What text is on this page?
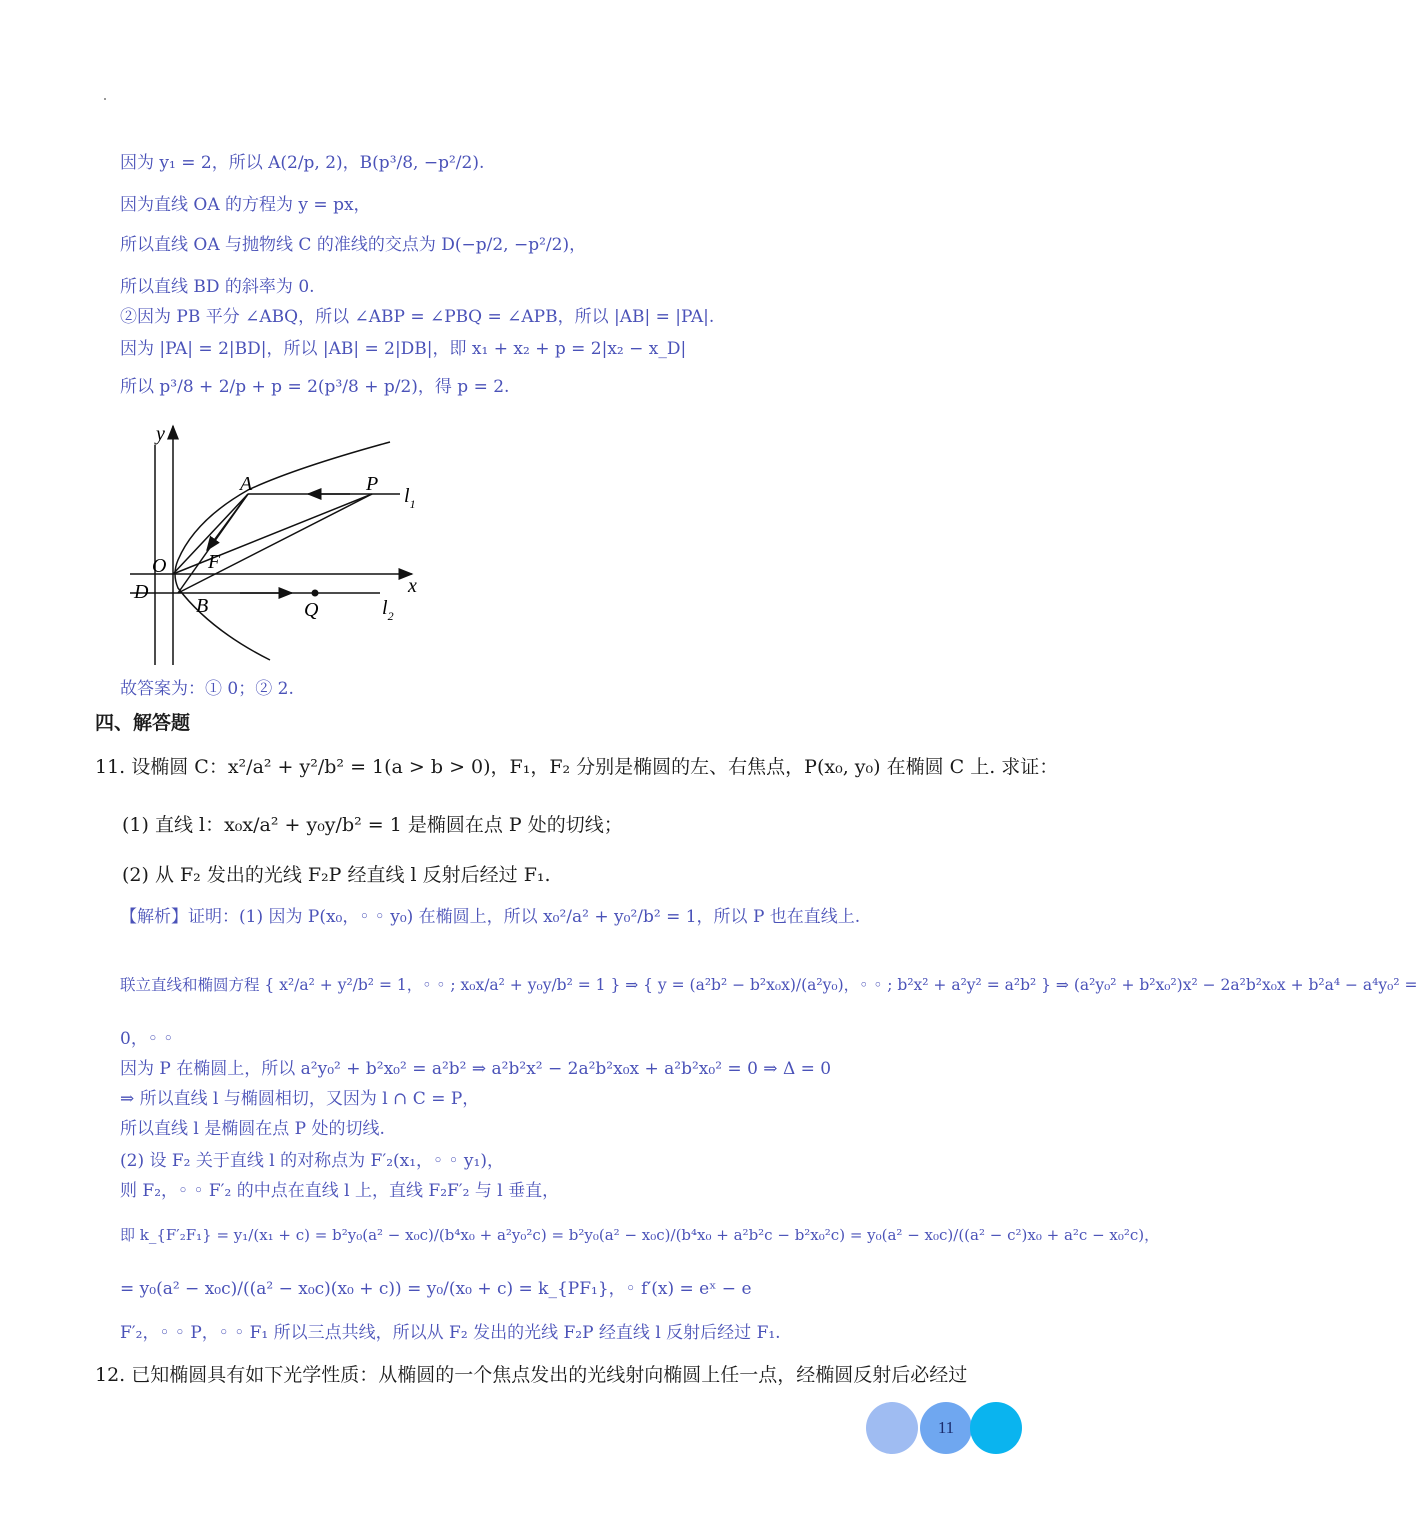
因为 y₁ = 2，所以 A(2/p, 2)，B(p³/8, −p²/2).
因为直线 OA 的方程为 y = px，
所以直线 OA 与抛物线 C 的准线的交点为 D(−p/2, −p²/2)，
所以直线 BD 的斜率为 0.
②因为 PB 平分 ∠ABQ，所以 ∠ABP = ∠PBQ = ∠APB，所以 |AB| = |PA|.
因为 |PA| = 2|BD|，所以 |AB| = 2|DB|，即 x₁ + x₂ + p = 2|x₂ − x_D|
所以 p³/8 + 2/p + p = 2(p³/8 + p/2)，得 p = 2.
y
x
O
D
A	P
F
B	Q
$l_1$
$l_2$
故答案为：① 0；② 2.
四、解答题
11. 设椭圆 C：x²/a² + y²/b² = 1(a > b > 0)，F₁，F₂ 分别是椭圆的左、右焦点，P(x₀, y₀) 在椭圆 C 上. 求证：
(1) 直线 l：x₀x/a² + y₀y/b² = 1 是椭圆在点 P 处的切线；
(2) 从 F₂ 发出的光线 F₂P 经直线 l 反射后经过 F₁.
【解析】证明：(1) 因为 P(x₀，◦ ◦ y₀) 在椭圆上，所以 x₀²/a² + y₀²/b² = 1，所以 P 也在直线上.
联立直线和椭圆方程 { x²/a² + y²/b² = 1，◦ ◦ ; x₀x/a² + y₀y/b² = 1 } ⇒ { y = (a²b² − b²x₀x)/(a²y₀)，◦ ◦ ; b²x² + a²y² = a²b² } ⇒ (a²y₀² + b²x₀²)x² − 2a²b²x₀x + b²a⁴ − a⁴y₀² =
0，◦ ◦
因为 P 在椭圆上，所以 a²y₀² + b²x₀² = a²b² ⇒ a²b²x² − 2a²b²x₀x + a²b²x₀² = 0 ⇒ Δ = 0
⇒ 所以直线 l 与椭圆相切，又因为 l ∩ C = P，
所以直线 l 是椭圆在点 P 处的切线.
(2) 设 F₂ 关于直线 l 的对称点为 F′₂(x₁，◦ ◦ y₁)，
则 F₂，◦ ◦ F′₂ 的中点在直线 l 上，直线 F₂F′₂ 与 l 垂直，
即 k_{F′₂F₁} = y₁/(x₁ + c) = b²y₀(a² − x₀c)/(b⁴x₀ + a²y₀²c) = b²y₀(a² − x₀c)/(b⁴x₀ + a²b²c − b²x₀²c) = y₀(a² − x₀c)/((a² − c²)x₀ + a²c − x₀²c)，
= y₀(a² − x₀c)/((a² − x₀c)(x₀ + c)) = y₀/(x₀ + c) = k_{PF₁}，◦ f′(x) = eˣ − e
F′₂，◦ ◦ P，◦ ◦ F₁ 所以三点共线，所以从 F₂ 发出的光线 F₂P 经直线 l 反射后经过 F₁.
12. 已知椭圆具有如下光学性质：从椭圆的一个焦点发出的光线射向椭圆上任一点，经椭圆反射后必经过
11
